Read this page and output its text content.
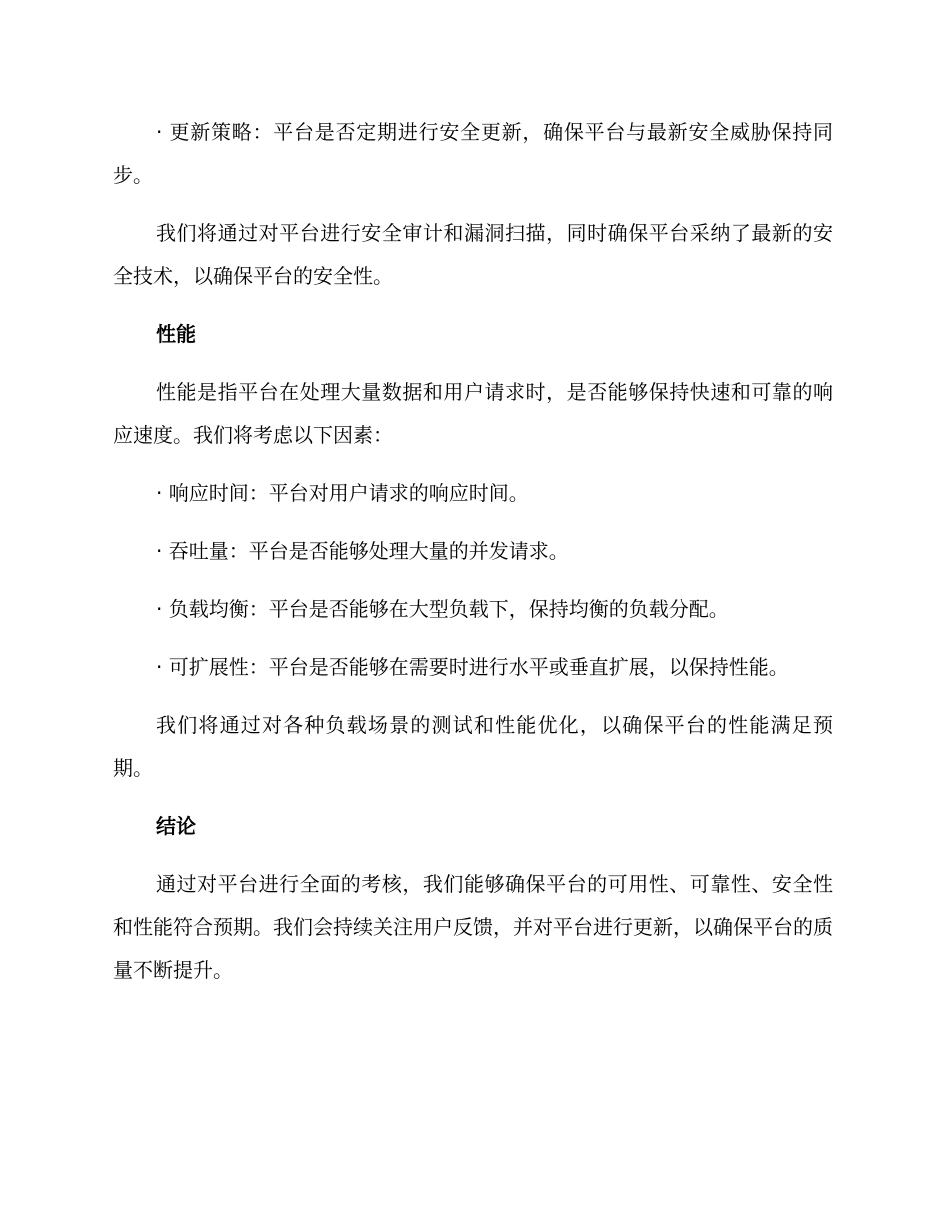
· 更新策略：平台是否定期进行安全更新，确保平台与最新安全威胁保持同步。

我们将通过对平台进行安全审计和漏洞扫描，同时确保平台采纳了最新的安全技术，以确保平台的安全性。

性能

性能是指平台在处理大量数据和用户请求时，是否能够保持快速和可靠的响应速度。我们将考虑以下因素：

· 响应时间：平台对用户请求的响应时间。

· 吞吐量：平台是否能够处理大量的并发请求。

· 负载均衡：平台是否能够在大型负载下，保持均衡的负载分配。

· 可扩展性：平台是否能够在需要时进行水平或垂直扩展，以保持性能。

我们将通过对各种负载场景的测试和性能优化，以确保平台的性能满足预期。

结论

通过对平台进行全面的考核，我们能够确保平台的可用性、可靠性、安全性和性能符合预期。我们会持续关注用户反馈，并对平台进行更新，以确保平台的质量不断提升。
